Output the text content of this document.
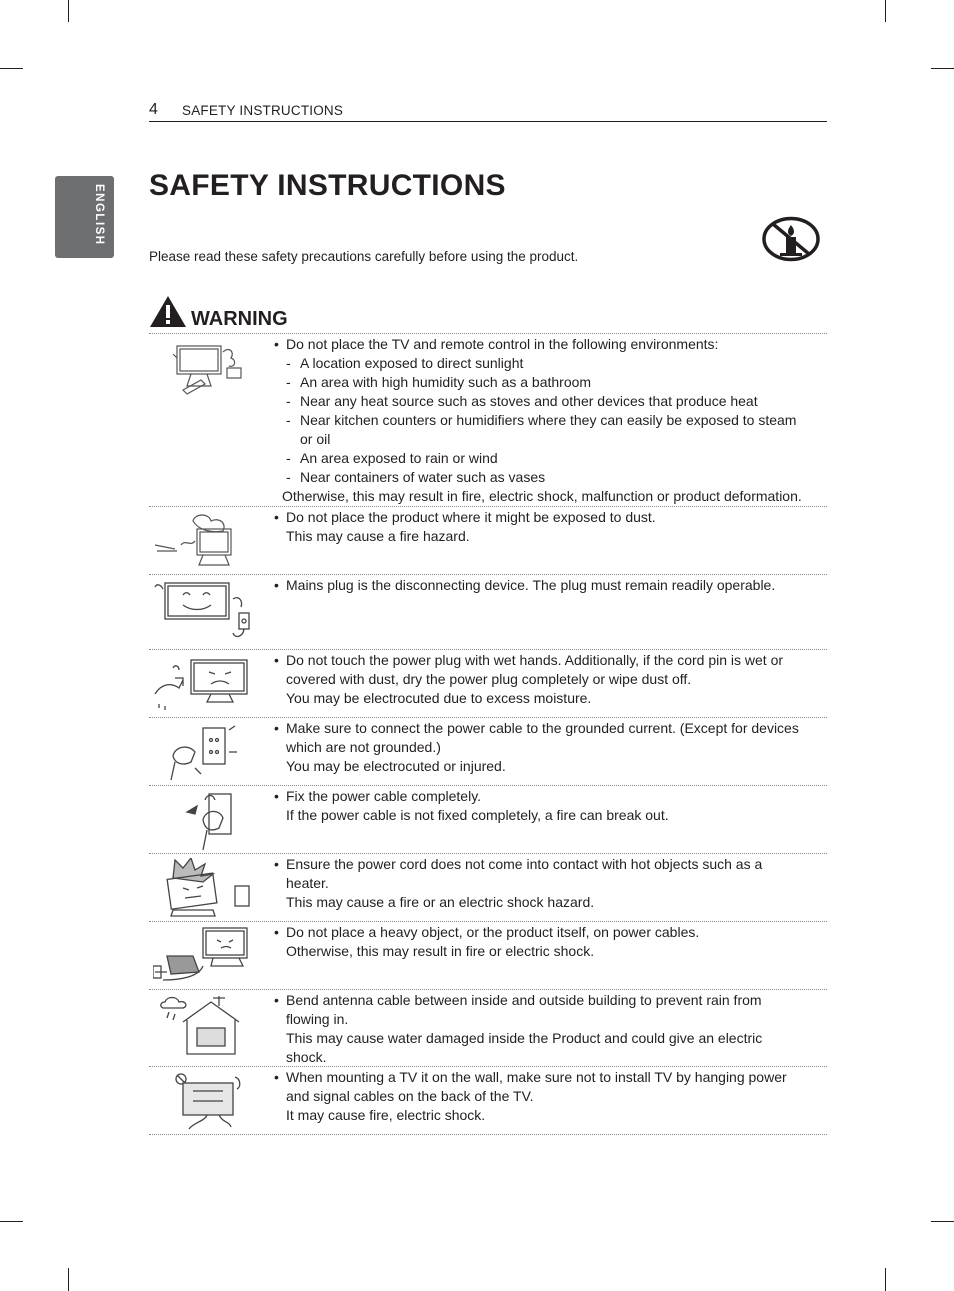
4 SAFETY INSTRUCTIONS
ENGLISH SAFETY INSTRUCTIONS
Please read these safety precautions carefully before using the product.
WARNING
• Do not place the TV and remote control in the following environments:
- A location exposed to direct sunlight
- An area with high humidity such as a bathroom
- Near any heat source such as stoves and other devices that produce heat
- Near kitchen counters or humidifiers where they can easily be exposed to steam
or oil
- An area exposed to rain or wind
- Near containers of water such as vases
Otherwise, this may result in fire, electric shock, malfunction or product deformation.
• Do not place the product where it might be exposed to dust.
This may cause a fire hazard.
• Mains plug is the disconnecting device. The plug must remain readily operable.
• Do not touch the power plug with wet hands. Additionally, if the cord pin is wet or
covered with dust, dry the power plug completely or wipe dust off.
You may be electrocuted due to excess moisture.
• Make sure to connect the power cable to the grounded current. (Except for devices
which are not grounded.)
You may be electrocuted or injured.
• Fix the power cable completely.
If the power cable is not fixed completely, a fire can break out.
• Ensure the power cord does not come into contact with hot objects such as a
heater.
This may cause a fire or an electric shock hazard.
• Do not place a heavy object, or the product itself, on power cables.
Otherwise, this may result in fire or electric shock.
• Bend antenna cable between inside and outside building to prevent rain from
flowing in.
This may cause water damaged inside the Product and could give an electric
shock.
• When mounting a TV it on the wall, make sure not to install TV by hanging power
and signal cables on the back of the TV.
It may cause fire, electric shock.
